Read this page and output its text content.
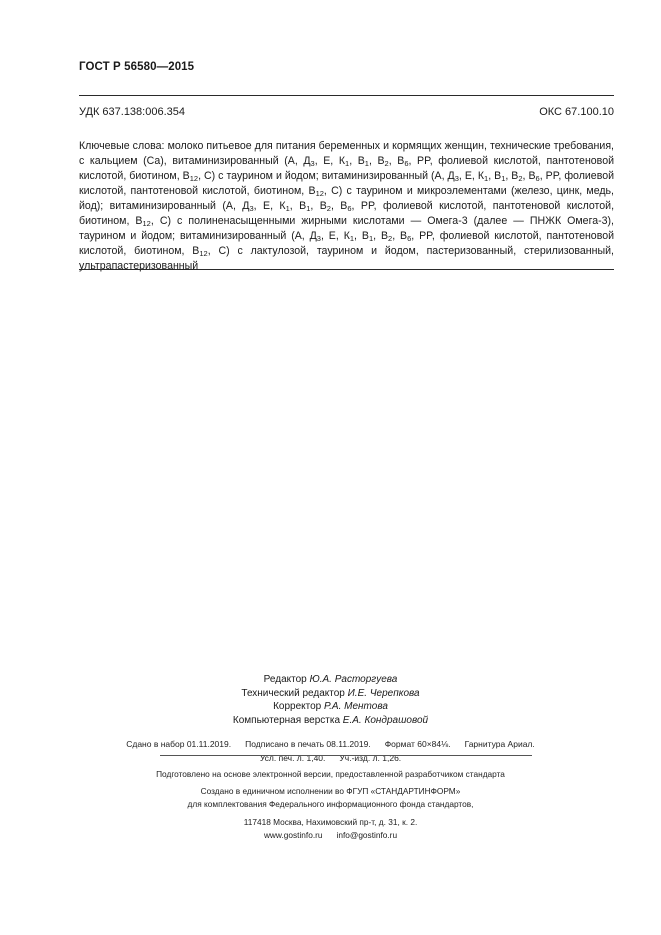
ГОСТ Р 56580—2015
УДК 637.138:006.354	ОКС 67.100.10
Ключевые слова: молоко питьевое для питания беременных и кормящих женщин, технические требования, с кальцием (Са), витаминизированный (А, $Д_3$, Е, $К_1$, $В_1$, $В_2$, $В_6$, PP, фолиевой кислотой, пантотеновой кислотой, биотином, $В_{12}$, С) с таурином и йодом; витаминизированный (А, $Д_3$, Е, $К_1$, $В_1$, $В_2$, $В_6$, PP, фолиевой кислотой, пантотеновой кислотой, биотином, $В_{12}$, С) с таурином и микроэлементами (железо, цинк, медь, йод); витаминизированный (А, $Д_3$, Е, $К_1$, $В_1$, $В_2$, $В_6$, PP, фолиевой кислотой, пантотеновой кислотой, биотином, $В_{12}$, С) с полиненасыщенными жирными кислотами — Омега-3 (далее — ПНЖК Омега-3), таурином и йодом; витаминизированный (А, $Д_3$, Е, $К_1$, $В_1$, $В_2$, $В_6$, PP, фолиевой кислотой, пантотеновой кислотой, биотином, $В_{12}$, С) с лактулозой, таурином и йодом, пастеризованный, стерилизованный, ультрапастеризованный
Редактор Ю.А. Расторгуева
Технический редактор И.Е. Черепкова
Корректор Р.А. Ментова
Компьютерная верстка Е.А. Кондрашовой
Сдано в набор 01.11.2019. Подписано в печать 08.11.2019. Формат 60×84⅛. Гарнитура Ариал.
Усл. печ. л. 1,40. Уч.-изд. л. 1,26.
Подготовлено на основе электронной версии, предоставленной разработчиком стандарта
Создано в единичном исполнении во ФГУП «СТАНДАРТИНФОРМ»
для комплектования Федерального информационного фонда стандартов,
117418 Москва, Нахимовский пр-т, д. 31, к. 2.
www.gostinfo.ru info@gostinfo.ru
